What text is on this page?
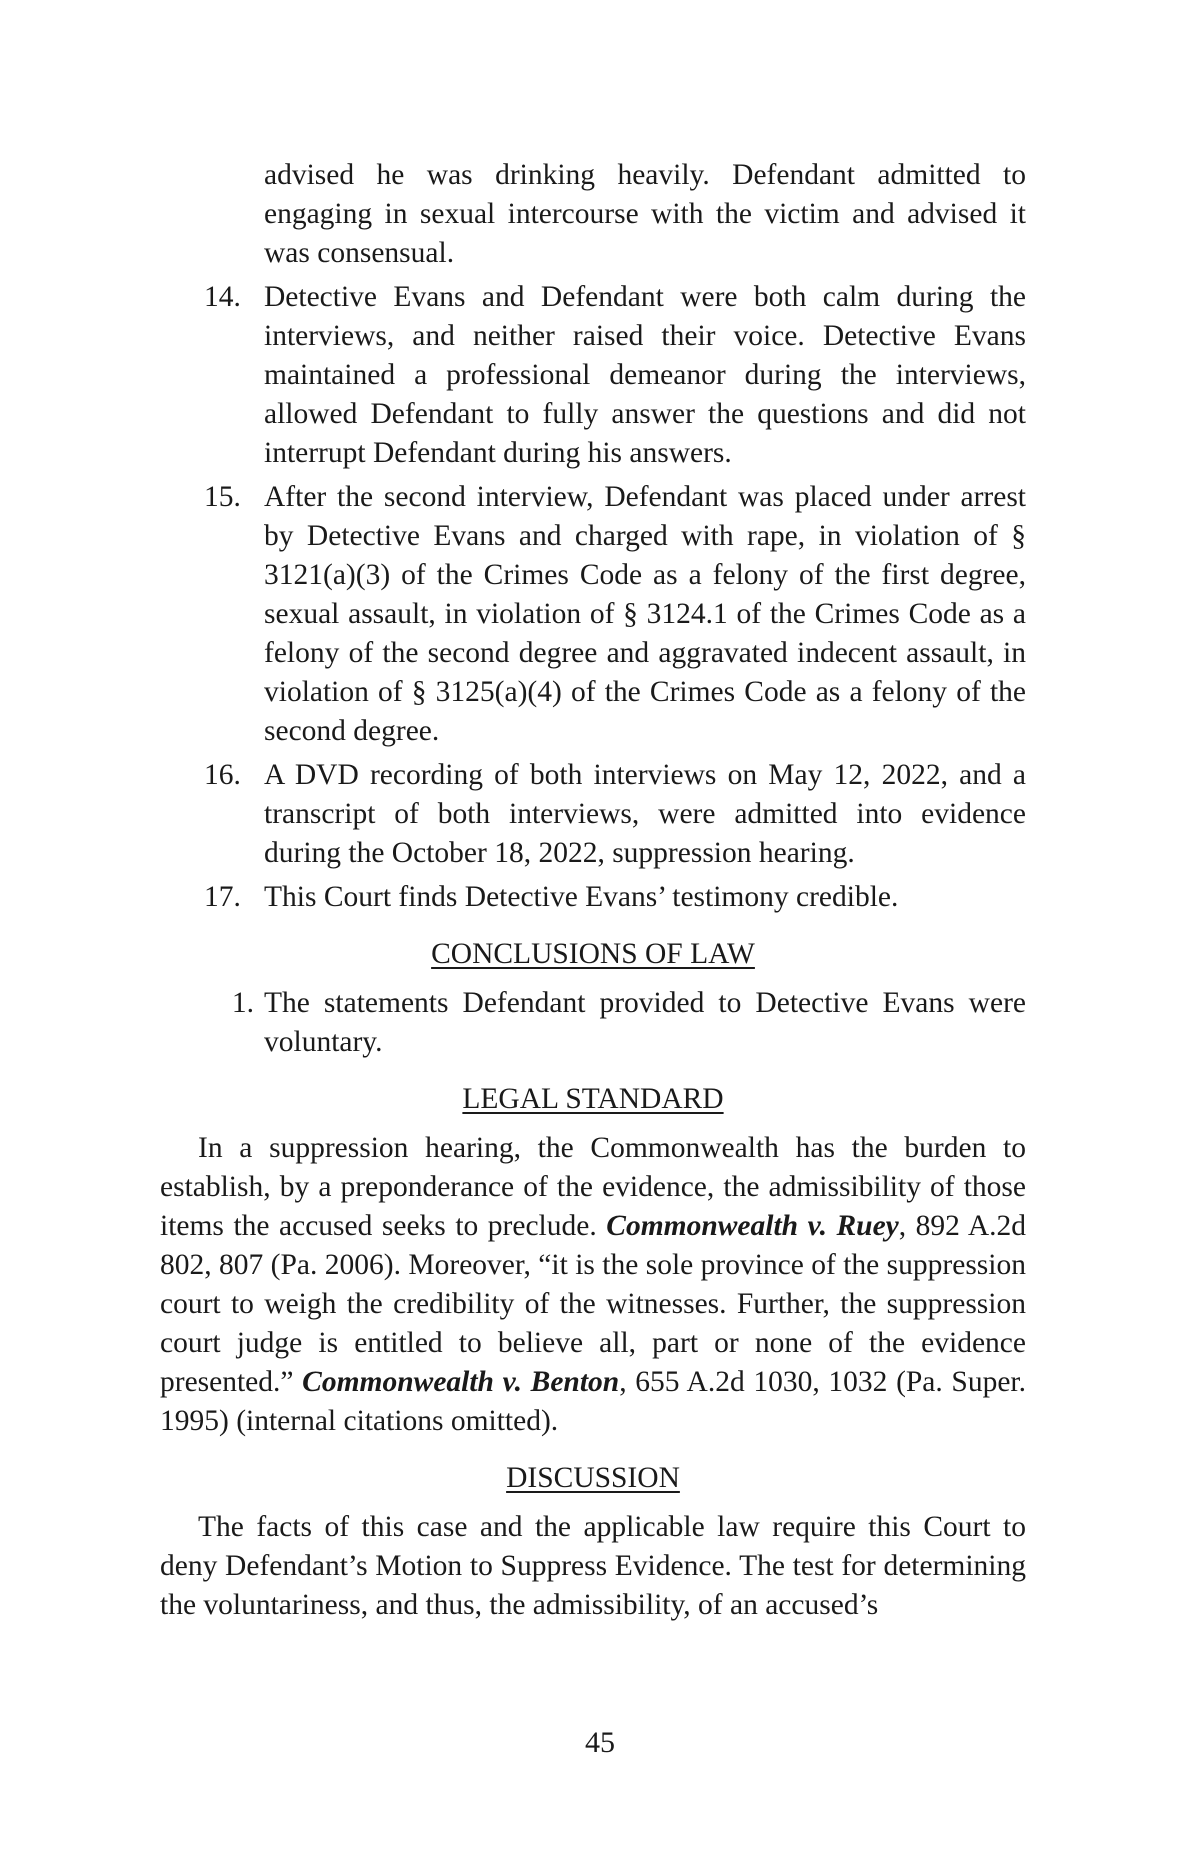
advised he was drinking heavily. Defendant admitted to engaging in sexual intercourse with the victim and advised it was consensual.
14. Detective Evans and Defendant were both calm during the interviews, and neither raised their voice. Detective Evans maintained a professional demeanor during the interviews, allowed Defendant to fully answer the questions and did not interrupt Defendant during his answers.
15. After the second interview, Defendant was placed under arrest by Detective Evans and charged with rape, in violation of § 3121(a)(3) of the Crimes Code as a felony of the first degree, sexual assault, in violation of § 3124.1 of the Crimes Code as a felony of the second degree and aggravated indecent assault, in violation of § 3125(a)(4) of the Crimes Code as a felony of the second degree.
16. A DVD recording of both interviews on May 12, 2022, and a transcript of both interviews, were admitted into evidence during the October 18, 2022, suppression hearing.
17. This Court finds Detective Evans’ testimony credible.
CONCLUSIONS OF LAW
1. The statements Defendant provided to Detective Evans were voluntary.
LEGAL STANDARD
In a suppression hearing, the Commonwealth has the burden to establish, by a preponderance of the evidence, the admissibility of those items the accused seeks to preclude. Commonwealth v. Ruey, 892 A.2d 802, 807 (Pa. 2006). Moreover, “it is the sole province of the suppression court to weigh the credibility of the witnesses. Further, the suppression court judge is entitled to believe all, part or none of the evidence presented.” Commonwealth v. Benton, 655 A.2d 1030, 1032 (Pa. Super. 1995) (internal citations omitted).
DISCUSSION
The facts of this case and the applicable law require this Court to deny Defendant’s Motion to Suppress Evidence. The test for determining the voluntariness, and thus, the admissibility, of an accused’s
45
